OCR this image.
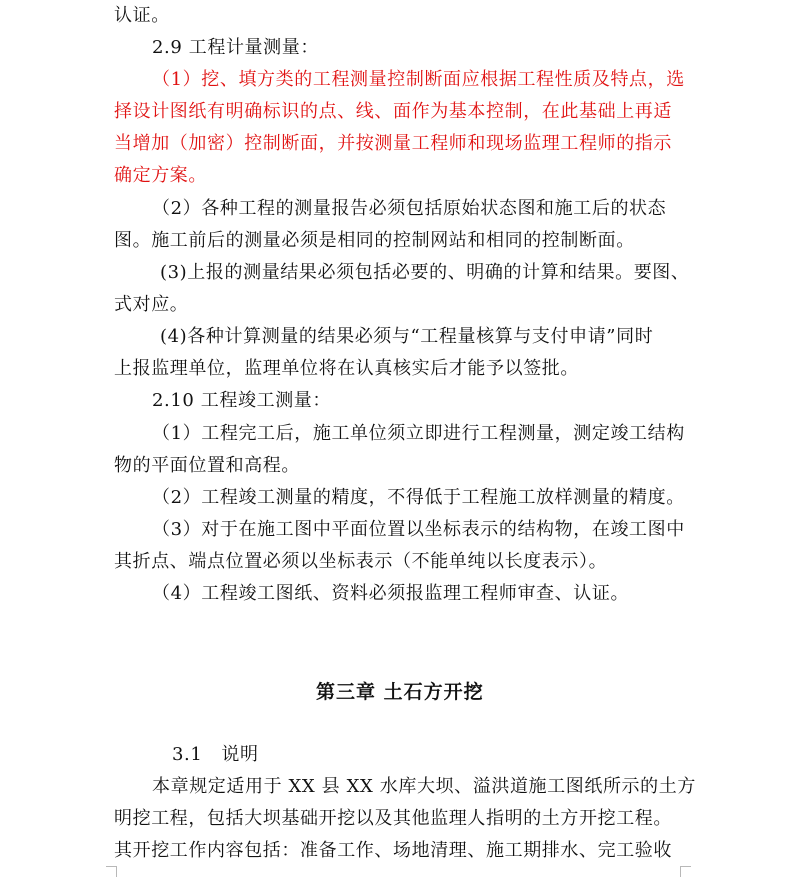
认证。
2.9 工程计量测量：
（1）挖、填方类的工程测量控制断面应根据工程性质及特点，选
择设计图纸有明确标识的点、线、面作为基本控制，在此基础上再适
当增加（加密）控制断面，并按测量工程师和现场监理工程师的指示
确定方案。
（2）各种工程的测量报告必须包括原始状态图和施工后的状态
图。施工前后的测量必须是相同的控制网站和相同的控制断面。
(3)上报的测量结果必须包括必要的、明确的计算和结果。要图、
式对应。
(4)各种计算测量的结果必须与“工程量核算与支付申请”同时
上报监理单位，监理单位将在认真核实后才能予以签批。
2.10 工程竣工测量：
（1）工程完工后，施工单位须立即进行工程测量，测定竣工结构
物的平面位置和高程。
（2）工程竣工测量的精度，不得低于工程施工放样测量的精度。
（3）对于在施工图中平面位置以坐标表示的结构物，在竣工图中
其折点、端点位置必须以坐标表示（不能单纯以长度表示）。
（4）工程竣工图纸、资料必须报监理工程师审查、认证。
第三章 土石方开挖
3.1   说明
本章规定适用于 XX 县 XX 水库大坝、溢洪道施工图纸所示的土方
明挖工程，包括大坝基础开挖以及其他监理人指明的土方开挖工程。
其开挖工作内容包括：准备工作、场地清理、施工期排水、完工验收
